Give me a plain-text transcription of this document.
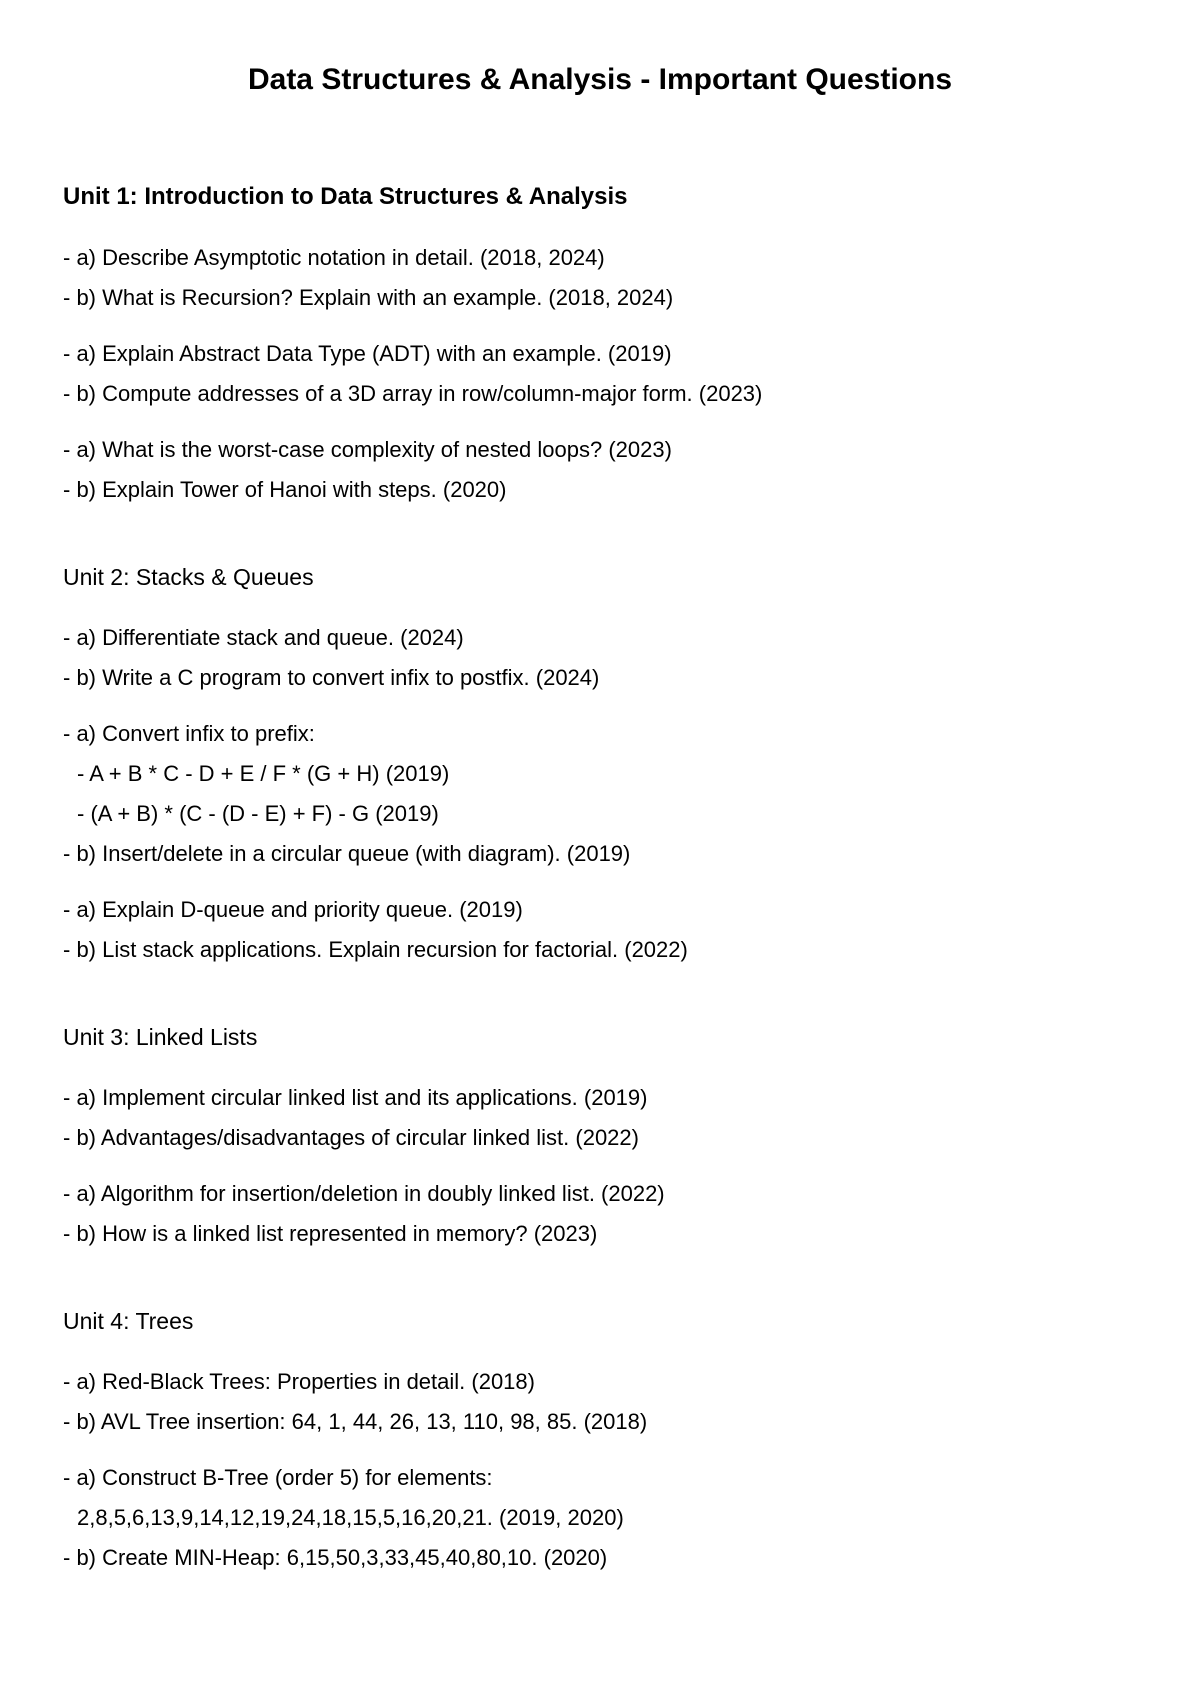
Data Structures & Analysis - Important Questions
Unit 1: Introduction to Data Structures & Analysis
- a) Describe Asymptotic notation in detail. (2018, 2024)
- b) What is Recursion? Explain with an example. (2018, 2024)
- a) Explain Abstract Data Type (ADT) with an example. (2019)
- b) Compute addresses of a 3D array in row/column-major form. (2023)
- a) What is the worst-case complexity of nested loops? (2023)
- b) Explain Tower of Hanoi with steps. (2020)
Unit 2: Stacks & Queues
- a) Differentiate stack and queue. (2024)
- b) Write a C program to convert infix to postfix. (2024)
- a) Convert infix to prefix:
- A + B * C - D + E / F * (G + H) (2019)
- (A + B) * (C - (D - E) + F) - G (2019)
- b) Insert/delete in a circular queue (with diagram). (2019)
- a) Explain D-queue and priority queue. (2019)
- b) List stack applications. Explain recursion for factorial. (2022)
Unit 3: Linked Lists
- a) Implement circular linked list and its applications. (2019)
- b) Advantages/disadvantages of circular linked list. (2022)
- a) Algorithm for insertion/deletion in doubly linked list. (2022)
- b) How is a linked list represented in memory? (2023)
Unit 4: Trees
- a) Red-Black Trees: Properties in detail. (2018)
- b) AVL Tree insertion: 64, 1, 44, 26, 13, 110, 98, 85. (2018)
- a) Construct B-Tree (order 5) for elements:
2,8,5,6,13,9,14,12,19,24,18,15,5,16,20,21. (2019, 2020)
- b) Create MIN-Heap: 6,15,50,3,33,45,40,80,10. (2020)
